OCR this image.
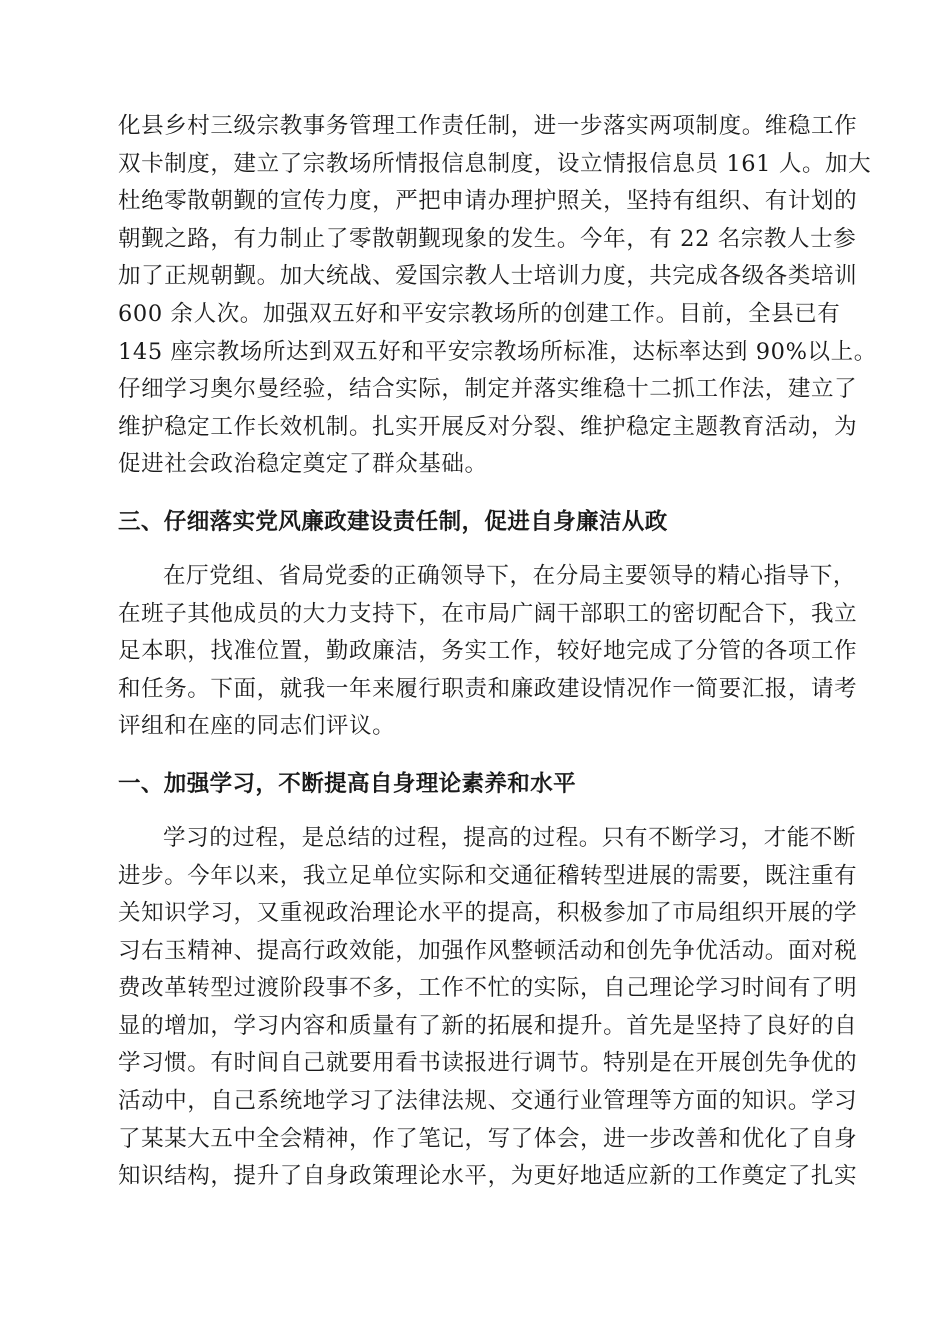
化县乡村三级宗教事务管理工作责任制，进一步落实两项制度。维稳工作
双卡制度，建立了宗教场所情报信息制度，设立情报信息员 161 人。加大
杜绝零散朝觐的宣传力度，严把申请办理护照关，坚持有组织、有计划的
朝觐之路，有力制止了零散朝觐现象的发生。今年，有 22 名宗教人士参
加了正规朝觐。加大统战、爱国宗教人士培训力度，共完成各级各类培训
600 余人次。加强双五好和平安宗教场所的创建工作。目前，全县已有
145 座宗教场所达到双五好和平安宗教场所标准，达标率达到 90%以上。
仔细学习奥尔曼经验，结合实际，制定并落实维稳十二抓工作法，建立了
维护稳定工作长效机制。扎实开展反对分裂、维护稳定主题教育活动，为
促进社会政治稳定奠定了群众基础。
三、仔细落实党风廉政建设责任制，促进自身廉洁从政
在厅党组、省局党委的正确领导下，在分局主要领导的精心指导下，
在班子其他成员的大力支持下，在市局广阔干部职工的密切配合下，我立
足本职，找准位置，勤政廉洁，务实工作，较好地完成了分管的各项工作
和任务。下面，就我一年来履行职责和廉政建设情况作一简要汇报，请考
评组和在座的同志们评议。
一、加强学习，不断提高自身理论素养和水平
学习的过程，是总结的过程，提高的过程。只有不断学习，才能不断
进步。今年以来，我立足单位实际和交通征稽转型进展的需要，既注重有
关知识学习，又重视政治理论水平的提高，积极参加了市局组织开展的学
习右玉精神、提高行政效能，加强作风整顿活动和创先争优活动。面对税
费改革转型过渡阶段事不多，工作不忙的实际，自己理论学习时间有了明
显的增加，学习内容和质量有了新的拓展和提升。首先是坚持了良好的自
学习惯。有时间自己就要用看书读报进行调节。特别是在开展创先争优的
活动中，自己系统地学习了法律法规、交通行业管理等方面的知识。学习
了某某大五中全会精神，作了笔记，写了体会，进一步改善和优化了自身
知识结构，提升了自身政策理论水平，为更好地适应新的工作奠定了扎实
